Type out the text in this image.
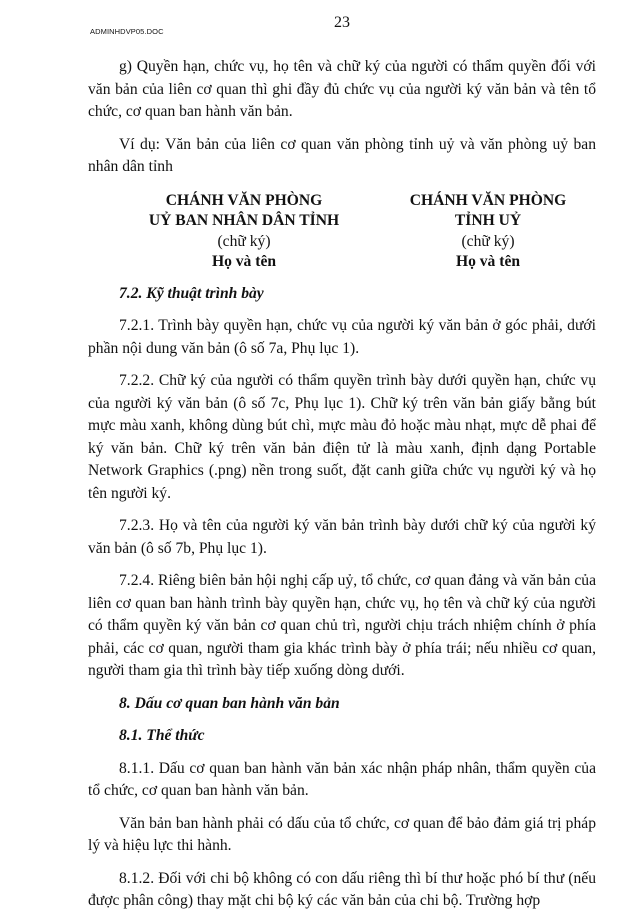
ADMINHDVP05.DOC
23

g) Quyền hạn, chức vụ, họ tên và chữ ký của người có thẩm quyền đối với văn bản của liên cơ quan thì ghi đầy đủ chức vụ của người ký văn bản và tên tổ chức, cơ quan ban hành văn bản.

Ví dụ: Văn bản của liên cơ quan văn phòng tỉnh uỷ và văn phòng uỷ ban nhân dân tỉnh

CHÁNH VĂN PHÒNG
UỶ BAN NHÂN DÂN TỈNH
(chữ ký)
Họ và tên
CHÁNH VĂN PHÒNG
TỈNH UỶ
(chữ ký)
Họ và tên

7.2. Kỹ thuật trình bày

7.2.1. Trình bày quyền hạn, chức vụ của người ký văn bản ở góc phải, dưới phần nội dung văn bản (ô số 7a, Phụ lục 1).

7.2.2. Chữ ký của người có thẩm quyền trình bày dưới quyền hạn, chức vụ của người ký văn bản (ô số 7c, Phụ lục 1). Chữ ký trên văn bản giấy bằng bút mực màu xanh, không dùng bút chì, mực màu đỏ hoặc màu nhạt, mực dễ phai để ký văn bản. Chữ ký trên văn bản điện tử là màu xanh, định dạng Portable Network Graphics (.png) nền trong suốt, đặt canh giữa chức vụ người ký và họ tên người ký.

7.2.3. Họ và tên của người ký văn bản trình bày dưới chữ ký của người ký văn bản (ô số 7b, Phụ lục 1).

7.2.4. Riêng biên bản hội nghị cấp uỷ, tổ chức, cơ quan đảng và văn bản của liên cơ quan ban hành trình bày quyền hạn, chức vụ, họ tên và chữ ký của người có thẩm quyền ký văn bản cơ quan chủ trì, người chịu trách nhiệm chính ở phía phải, các cơ quan, người tham gia khác trình bày ở phía trái; nếu nhiều cơ quan, người tham gia thì trình bày tiếp xuống dòng dưới.

8. Dấu cơ quan ban hành văn bản

8.1. Thể thức

8.1.1. Dấu cơ quan ban hành văn bản xác nhận pháp nhân, thẩm quyền của tổ chức, cơ quan ban hành văn bản.

Văn bản ban hành phải có dấu của tổ chức, cơ quan để bảo đảm giá trị pháp lý và hiệu lực thi hành.

8.1.2. Đối với chi bộ không có con dấu riêng thì bí thư hoặc phó bí thư (nếu được phân công) thay mặt chi bộ ký các văn bản của chi bộ. Trường hợp
